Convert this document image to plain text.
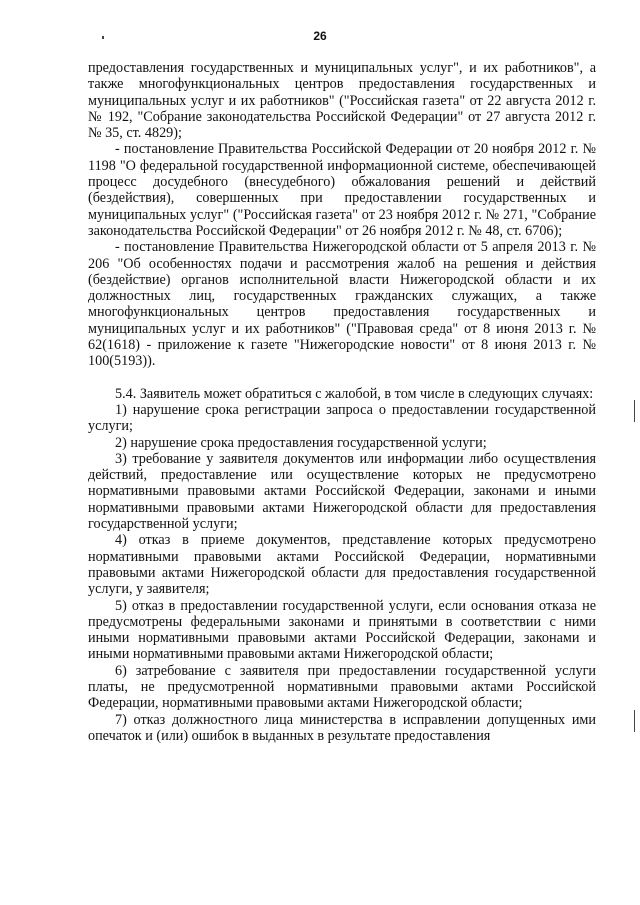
26

предоставления государственных и муниципальных услуг", и их работников", а также многофункциональных центров предоставления государственных и муниципальных услуг и их работников" ("Российская газета" от 22 августа 2012 г. № 192, "Собрание законодательства Российской Федерации" от 27 августа 2012 г. № 35, ст. 4829);

- постановление Правительства Российской Федерации от 20 ноября 2012 г. № 1198 "О федеральной государственной информационной системе, обеспечивающей процесс досудебного (внесудебного) обжалования решений и действий (бездействия), совершенных при предоставлении государственных и муниципальных услуг" ("Российская газета" от 23 ноября 2012 г. № 271, "Собрание законодательства Российской Федерации" от 26 ноября 2012 г. № 48, ст. 6706);

- постановление Правительства Нижегородской области от 5 апреля 2013 г. № 206 "Об особенностях подачи и рассмотрения жалоб на решения и действия (бездействие) органов исполнительной власти Нижегородской области и их должностных лиц, государственных гражданских служащих, а также многофункциональных центров предоставления государственных и муниципальных услуг и их работников" ("Правовая среда" от 8 июня 2013 г. № 62(1618) - приложение к газете "Нижегородские новости" от 8 июня 2013 г. № 100(5193)).

5.4. Заявитель может обратиться с жалобой, в том числе в следующих случаях:

1) нарушение срока регистрации запроса о предоставлении государственной услуги;

2) нарушение срока предоставления государственной услуги;

3) требование у заявителя документов или информации либо осуществления действий, предоставление или осуществление которых не предусмотрено нормативными правовыми актами Российской Федерации, законами и иными нормативными правовыми актами Нижегородской области для предоставления государственной услуги;

4) отказ в приеме документов, представление которых предусмотрено нормативными правовыми актами Российской Федерации, нормативными правовыми актами Нижегородской области для предоставления государственной услуги, у заявителя;

5) отказ в предоставлении государственной услуги, если основания отказа не предусмотрены федеральными законами и принятыми в соответствии с ними иными нормативными правовыми актами Российской Федерации, законами и иными нормативными правовыми актами Нижегородской области;

6) затребование с заявителя при предоставлении государственной услуги платы, не предусмотренной нормативными правовыми актами Российской Федерации, нормативными правовыми актами Нижегородской области;

7) отказ должностного лица министерства в исправлении допущенных ими опечаток и (или) ошибок в выданных в результате предоставления
